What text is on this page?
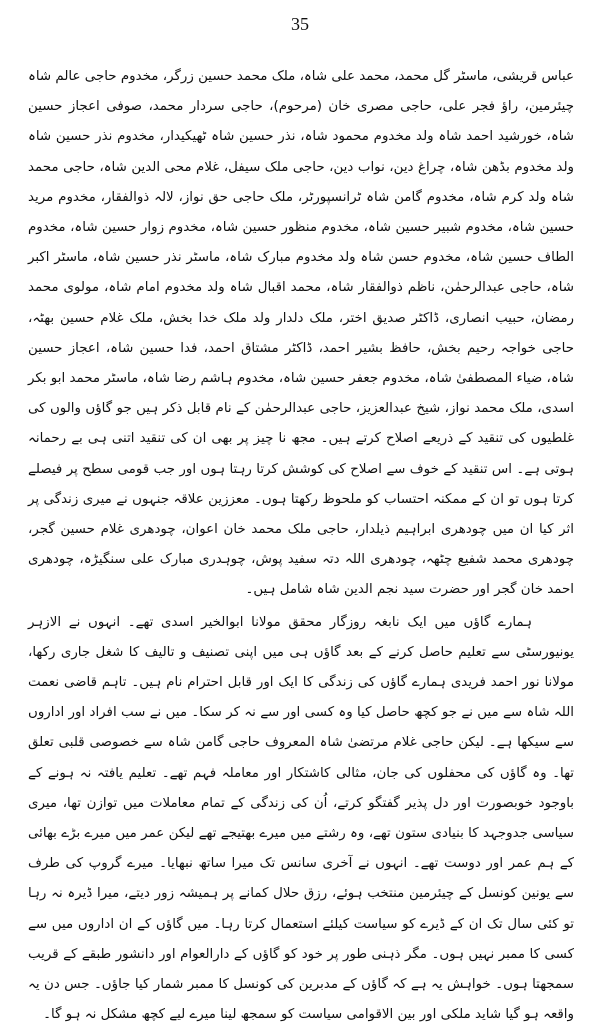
35

عباس قریشی، ماسٹر گل محمد، محمد علی شاہ، ملک محمد حسین زرگر، مخدوم حاجی عالم شاہ چیئرمین، راؤ فجر علی، حاجی مصری خان (مرحوم)، حاجی سردار محمد، صوفی اعجاز حسین شاہ، خورشید احمد شاہ ولد مخدوم محمود شاہ، نذر حسین شاہ ٹھیکیدار، مخدوم نذر حسین شاہ ولد مخدوم بڈھن شاہ، چراغ دین، نواب دین، حاجی ملک سیفل، غلام محی الدین شاہ، حاجی محمد شاہ ولد کرم شاہ، مخدوم گامن شاہ ٹرانسپورٹر، ملک حاجی حق نواز، لالہ ذوالفقار، مخدوم مرید حسین شاہ، مخدوم شبیر حسین شاہ، مخدوم منظور حسین شاہ، مخدوم زوار حسین شاہ، مخدوم الطاف حسین شاہ، مخدوم حسن شاہ ولد مخدوم مبارک شاہ، ماسٹر نذر حسین شاہ، ماسٹر اکبر شاہ، حاجی عبدالرحمٰن، ناظم ذوالفقار شاہ، محمد اقبال شاہ ولد مخدوم امام شاہ، مولوی محمد رمضان، حبیب انصاری، ڈاکٹر صدیق اختر، ملک دلدار ولد ملک خدا بخش، ملک غلام حسین بھٹہ، حاجی خواجہ رحیم بخش، حافظ بشیر احمد، ڈاکٹر مشتاق احمد، فدا حسین شاہ، اعجاز حسین شاہ، ضیاء المصطفیٰ شاہ، مخدوم جعفر حسین شاہ، مخدوم ہاشم رضا شاہ، ماسٹر محمد ابو بکر اسدی، ملک محمد نواز، شیخ عبدالعزیز، حاجی عبدالرحمٰن کے نام قابل ذکر ہیں جو گاؤں والوں کی غلطیوں کی تنقید کے ذریعے اصلاح کرتے ہیں۔ مجھ نا چیز پر بھی ان کی تنقید اتنی ہی بے رحمانہ ہوتی ہے۔ اس تنقید کے خوف سے اصلاح کی کوشش کرتا رہتا ہوں اور جب قومی سطح پر فیصلے کرتا ہوں تو ان کے ممکنہ احتساب کو ملحوظ رکھتا ہوں۔ معززین علاقہ جنہوں نے میری زندگی پر اثر کیا ان میں چودھری ابراہیم ذیلدار، حاجی ملک محمد خان اعوان، چودھری غلام حسین گجر، چودھری محمد شفیع چٹھہ، چودھری اللہ دتہ سفید پوش، چوہدری مبارک علی سنگیڑہ، چودھری احمد خان گجر اور حضرت سید نجم الدین شاہ شامل ہیں۔

ہمارے گاؤں میں ایک نابغہ روزگار محقق مولانا ابوالخیر اسدی تھے۔ انہوں نے الازہر یونیورسٹی سے تعلیم حاصل کرنے کے بعد گاؤں ہی میں اپنی تصنیف و تالیف کا شغل جاری رکھا، مولانا نور احمد فریدی ہمارے گاؤں کی زندگی کا ایک اور قابل احترام نام ہیں۔ تاہم قاضی نعمت اللہ شاہ سے میں نے جو کچھ حاصل کیا وہ کسی اور سے نہ کر سکا۔ میں نے سب افراد اور اداروں سے سیکھا ہے۔ لیکن حاجی غلام مرتضیٰ شاہ المعروف حاجی گامن شاہ سے خصوصی قلبی تعلق تھا۔ وہ گاؤں کی محفلوں کی جان، مثالی کاشتکار اور معاملہ فہم تھے۔ تعلیم یافتہ نہ ہونے کے باوجود خوبصورت اور دل پذیر گفتگو کرتے، اُن کی زندگی کے تمام معاملات میں توازن تھا، میری سیاسی جدوجہد کا بنیادی ستون تھے، وہ رشتے میں میرے بھتیجے تھے لیکن عمر میں میرے بڑے بھائی کے ہم عمر اور دوست تھے۔ انہوں نے آخری سانس تک میرا ساتھ نبھایا۔ میرے گروپ کی طرف سے یونین کونسل کے چیئرمین منتخب ہوئے، رزق حلال کمانے پر ہمیشہ زور دیتے، میرا ڈیرہ نہ رہا تو کئی سال تک ان کے ڈیرے کو سیاست کیلئے استعمال کرتا رہا۔ میں گاؤں کے ان اداروں میں سے کسی کا ممبر نہیں ہوں۔ مگر ذہنی طور پر خود کو گاؤں کے دارالعوام اور دانشور طبقے کے قریب سمجھتا ہوں۔ خواہش یہ ہے کہ گاؤں کے مدبرین کی کونسل کا ممبر شمار کیا جاؤں۔ جس دن یہ واقعہ ہو گیا شاید ملکی اور بین الاقوامی سیاست کو سمجھ لینا میرے لیے کچھ مشکل نہ ہو گا۔
